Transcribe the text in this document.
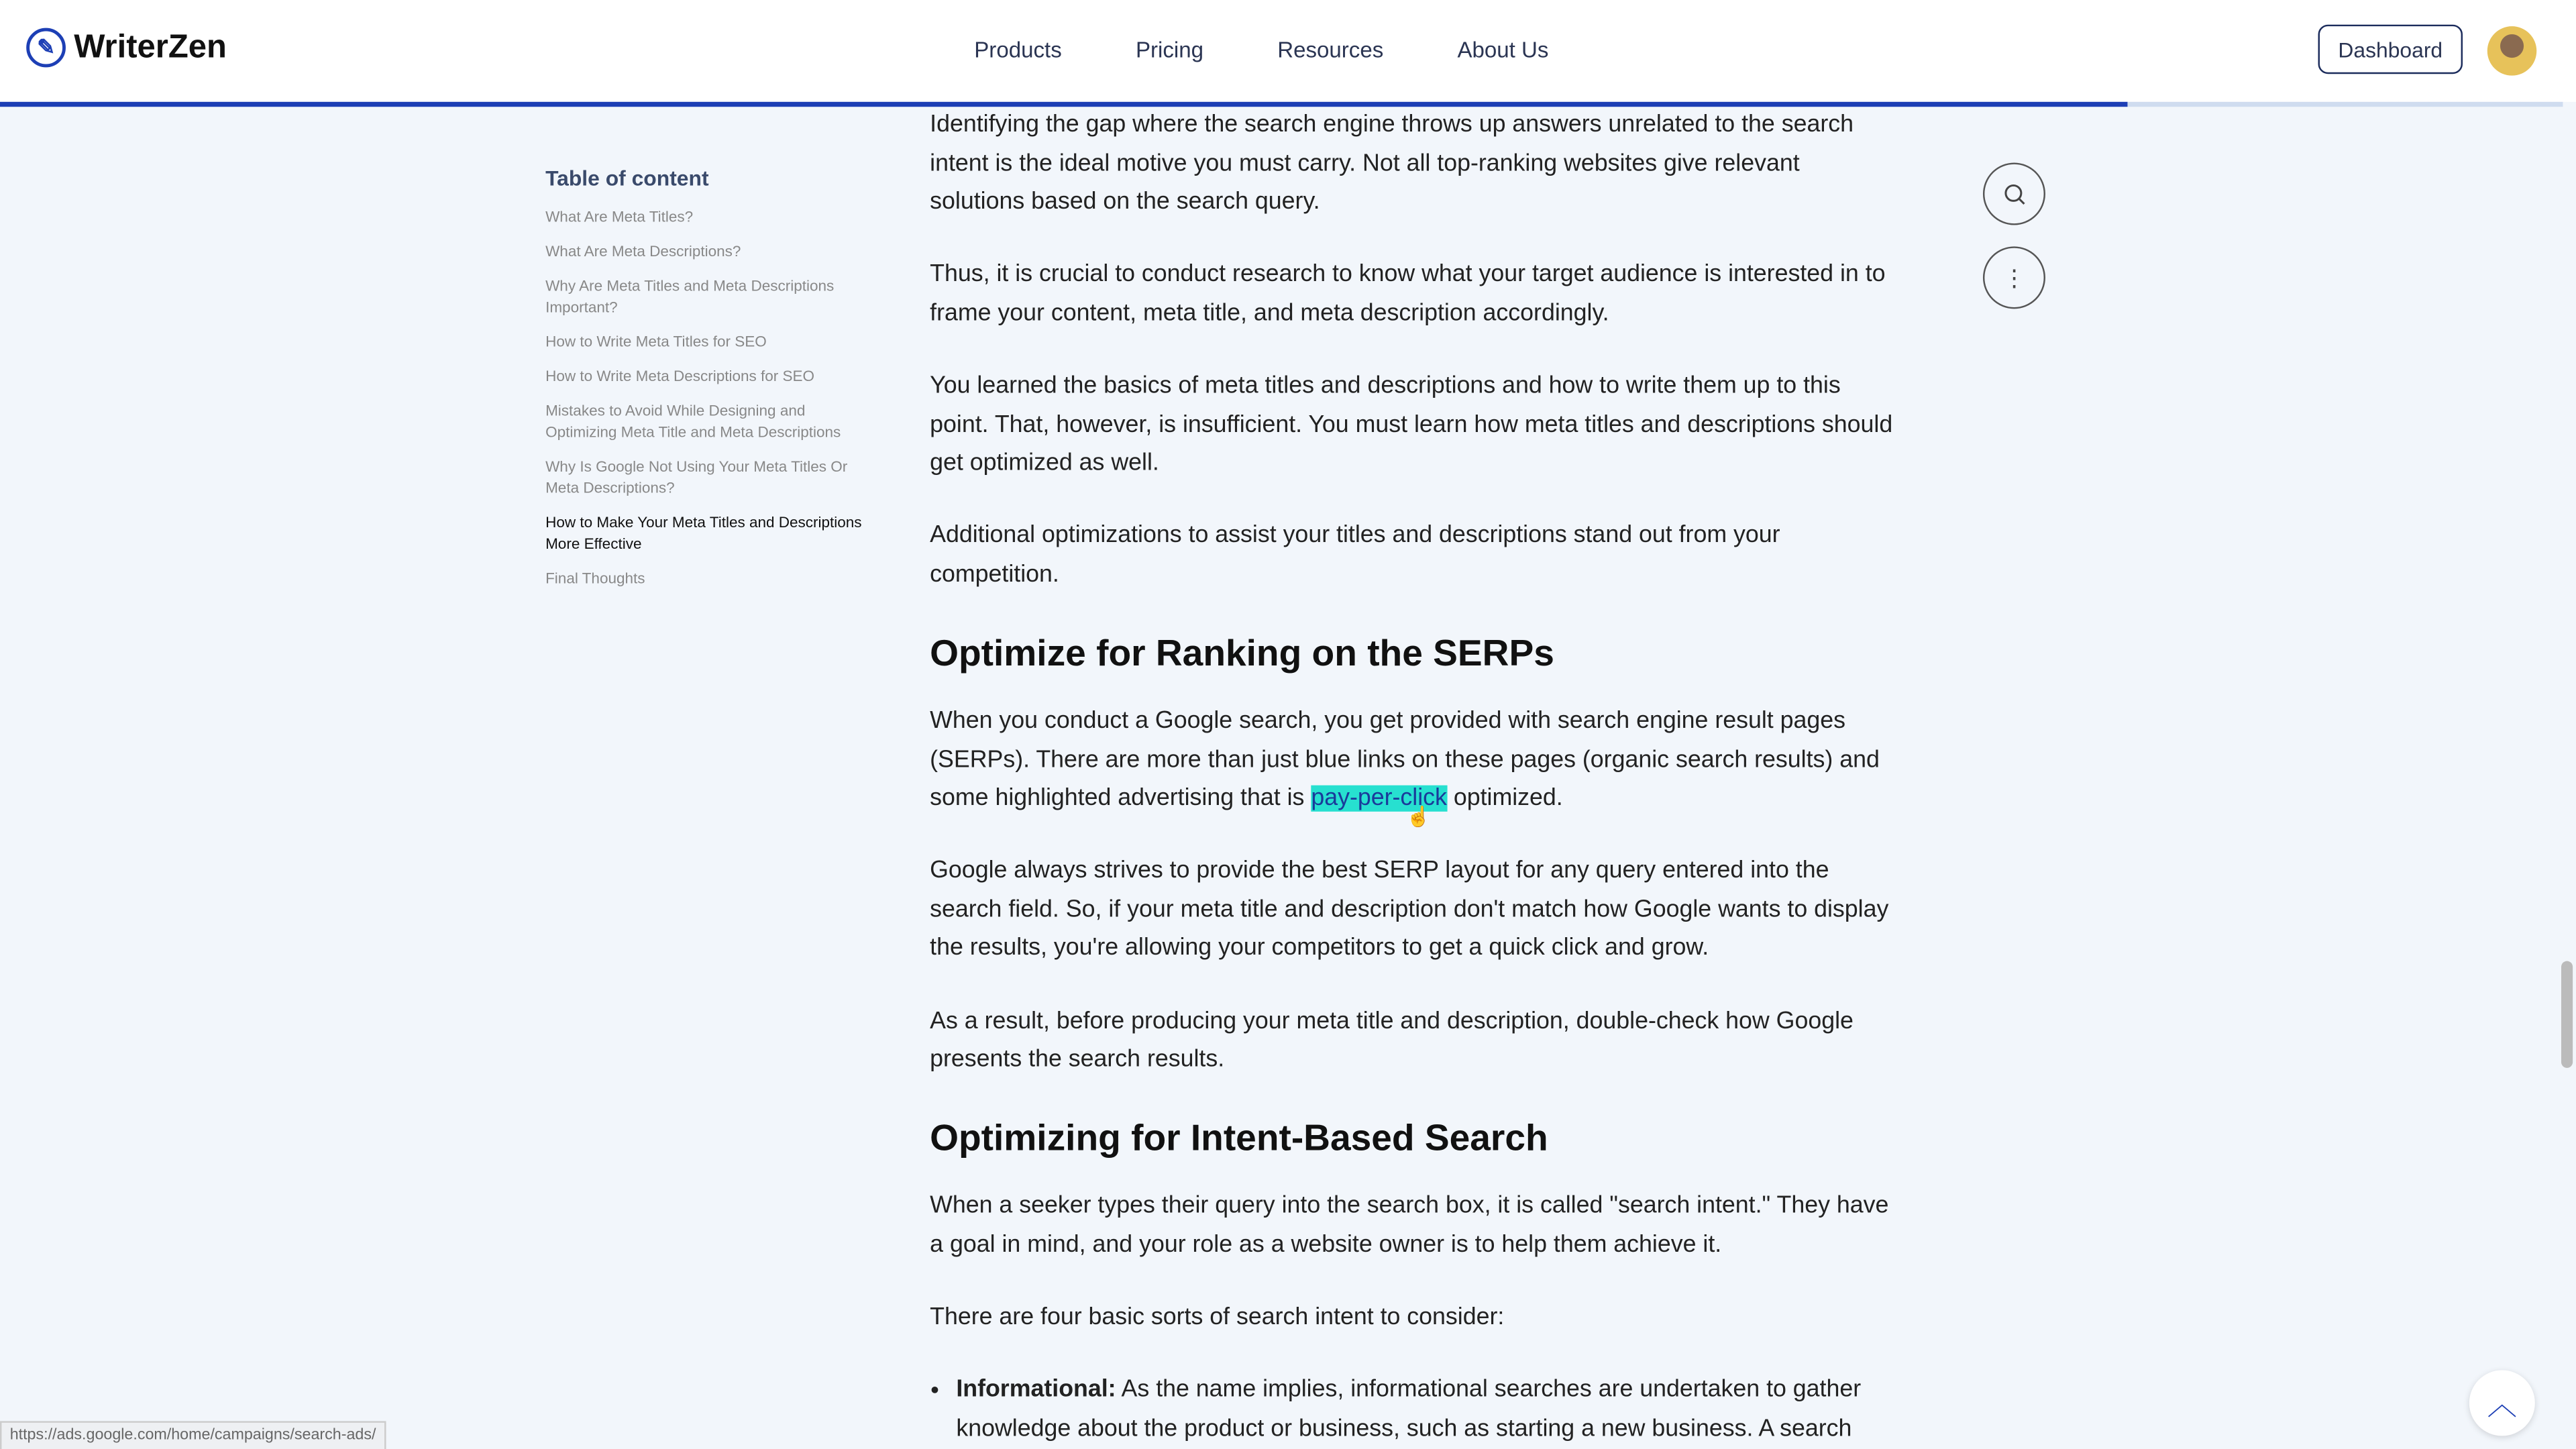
✎	WriterZen	Products	Pricing	Resources	About Us	Dashboard
Table of content
What Are Meta Titles?
What Are Meta Descriptions?
Why Are Meta Titles and Meta Descriptions Important?
How to Write Meta Titles for SEO
How to Write Meta Descriptions for SEO
Mistakes to Avoid While Designing and Optimizing Meta Title and Meta Descriptions
Why Is Google Not Using Your Meta Titles Or Meta Descriptions?
How to Make Your Meta Titles and Descriptions More Effective
Final Thoughts

Identifying the gap where the search engine throws up answers unrelated to the search intent is the ideal motive you must carry. Not all top-ranking websites give relevant solutions based on the search query.

Thus, it is crucial to conduct research to know what your target audience is interested in to frame your content, meta title, and meta description accordingly.

You learned the basics of meta titles and descriptions and how to write them up to this point. That, however, is insufficient. You must learn how meta titles and descriptions should get optimized as well.

Additional optimizations to assist your titles and descriptions stand out from your competition.

Optimize for Ranking on the SERPs

When you conduct a Google search, you get provided with search engine result pages (SERPs). There are more than just blue links on these pages (organic search results) and some highlighted advertising that is pay-per-click optimized.

Google always strives to provide the best SERP layout for any query entered into the search field. So, if your meta title and description don't match how Google wants to display the results, you're allowing your competitors to get a quick click and grow.

As a result, before producing your meta title and description, double-check how Google presents the search results.

Optimizing for Intent-Based Search

When a seeker types their query into the search box, it is called "search intent." They have a goal in mind, and your role as a website owner is to help them achieve it.

There are four basic sorts of search intent to consider:

• Informational: As the name implies, informational searches are undertaken to gather knowledge about the product or business, such as starting a new business. A search
☝
⋮
︿
https://ads.google.com/home/campaigns/search-ads/
